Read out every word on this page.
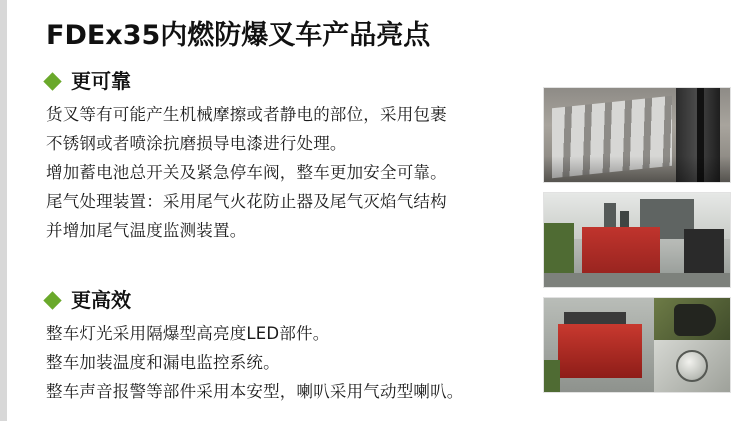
FDEx35内燃防爆叉车产品亮点
更可靠
货叉等有可能产生机械摩擦或者静电的部位，采用包裹
不锈钢或者喷涂抗磨损导电漆进行处理。
增加蓄电池总开关及紧急停车阀，整车更加安全可靠。
尾气处理装置：采用尾气火花防止器及尾气灭焰气结构
并增加尾气温度监测装置。
更高效
整车灯光采用隔爆型高亮度LED部件。
整车加装温度和漏电监控系统。
整车声音报警等部件采用本安型，喇叭采用气动型喇叭。
